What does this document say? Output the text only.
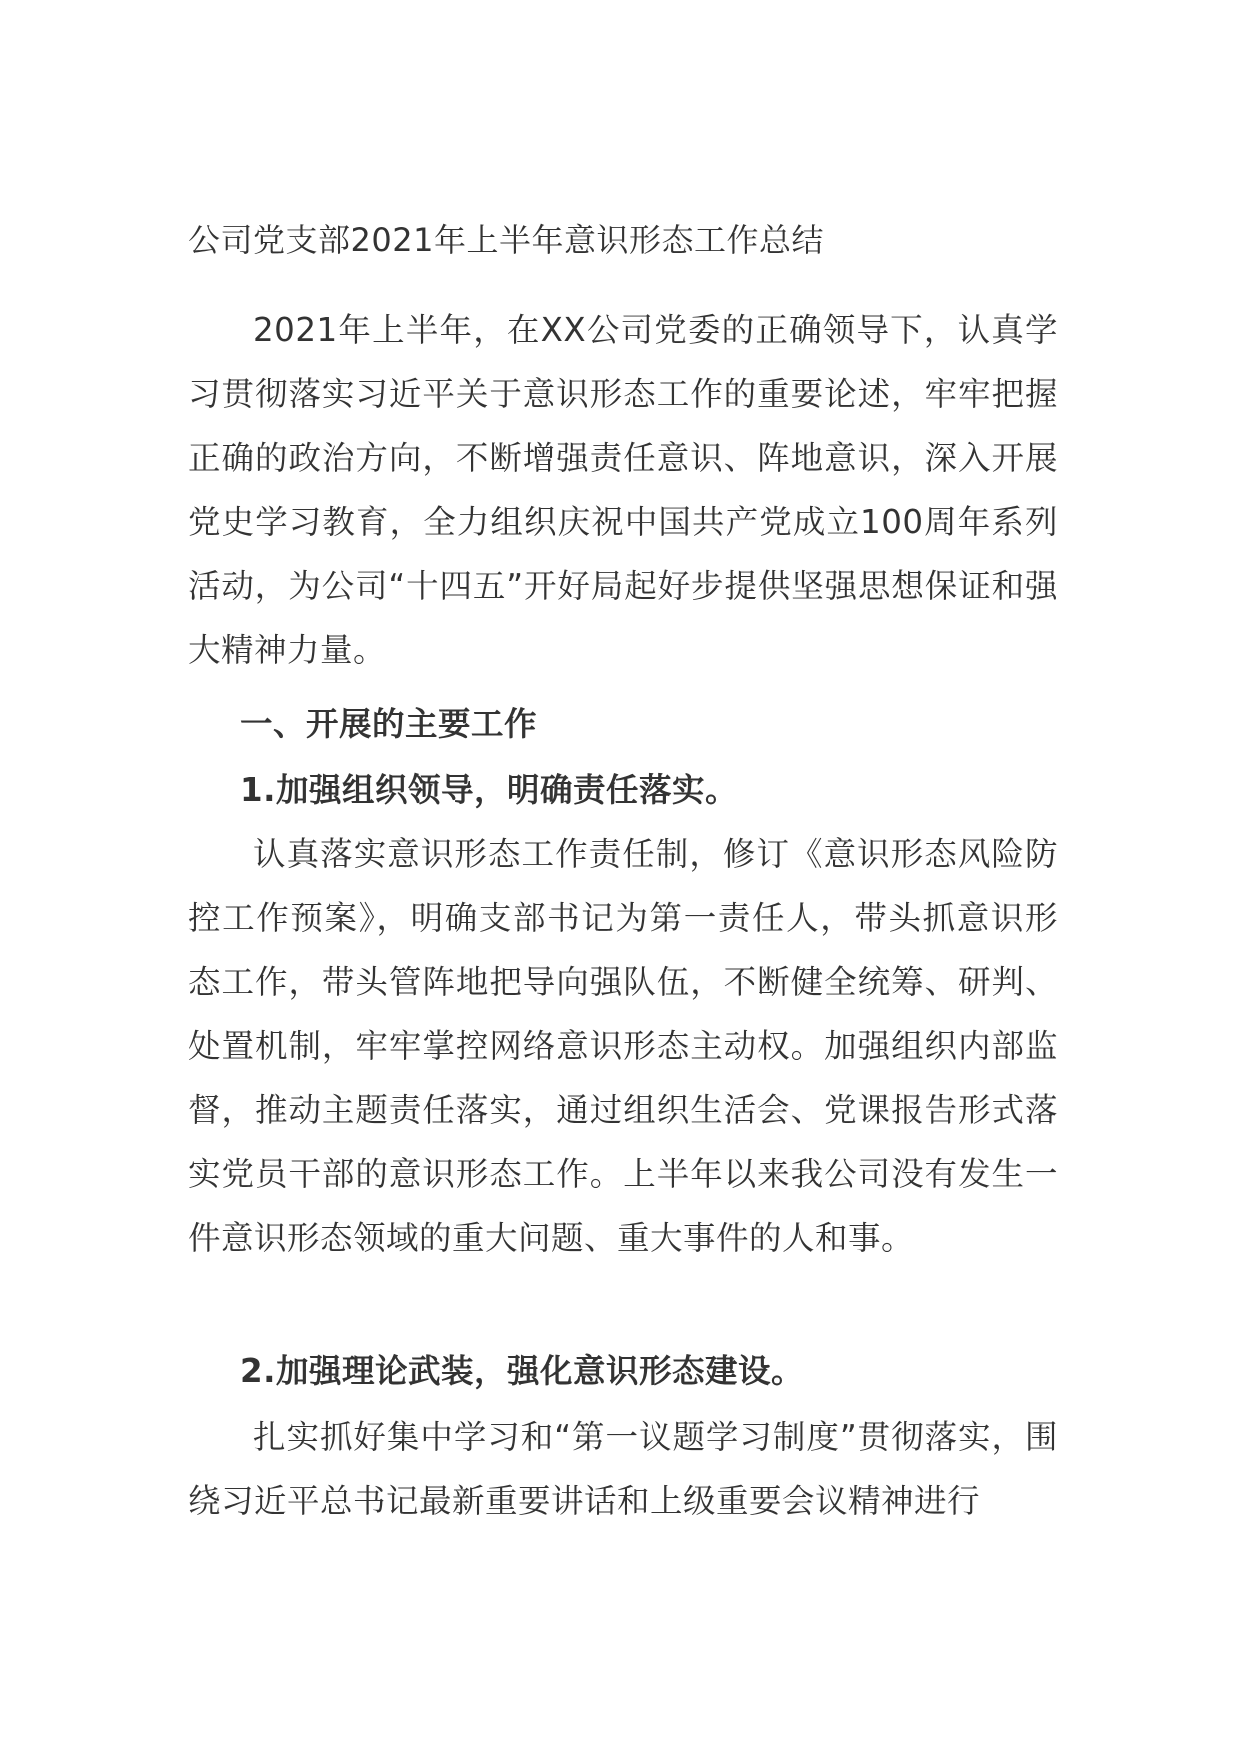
公司党支部2021年上半年意识形态工作总结

2021年上半年，在XX公司党委的正确领导下，认真学习贯彻落实习近平关于意识形态工作的重要论述，牢牢把握正确的政治方向，不断增强责任意识、阵地意识，深入开展党史学习教育，全力组织庆祝中国共产党成立100周年系列活动，为公司“十四五”开好局起好步提供坚强思想保证和强大精神力量。

一、开展的主要工作
1.加强组织领导，明确责任落实。

认真落实意识形态工作责任制，修订《意识形态风险防控工作预案》，明确支部书记为第一责任人，带头抓意识形态工作，带头管阵地把导向强队伍，不断健全统筹、研判、处置机制，牢牢掌控网络意识形态主动权。加强组织内部监督，推动主题责任落实，通过组织生活会、党课报告形式落实党员干部的意识形态工作。上半年以来我公司没有发生一件意识形态领域的重大问题、重大事件的人和事。

2.加强理论武装，强化意识形态建设。

扎实抓好集中学习和“第一议题学习制度”贯彻落实，围绕习近平总书记最新重要讲话和上级重要会议精神进行
